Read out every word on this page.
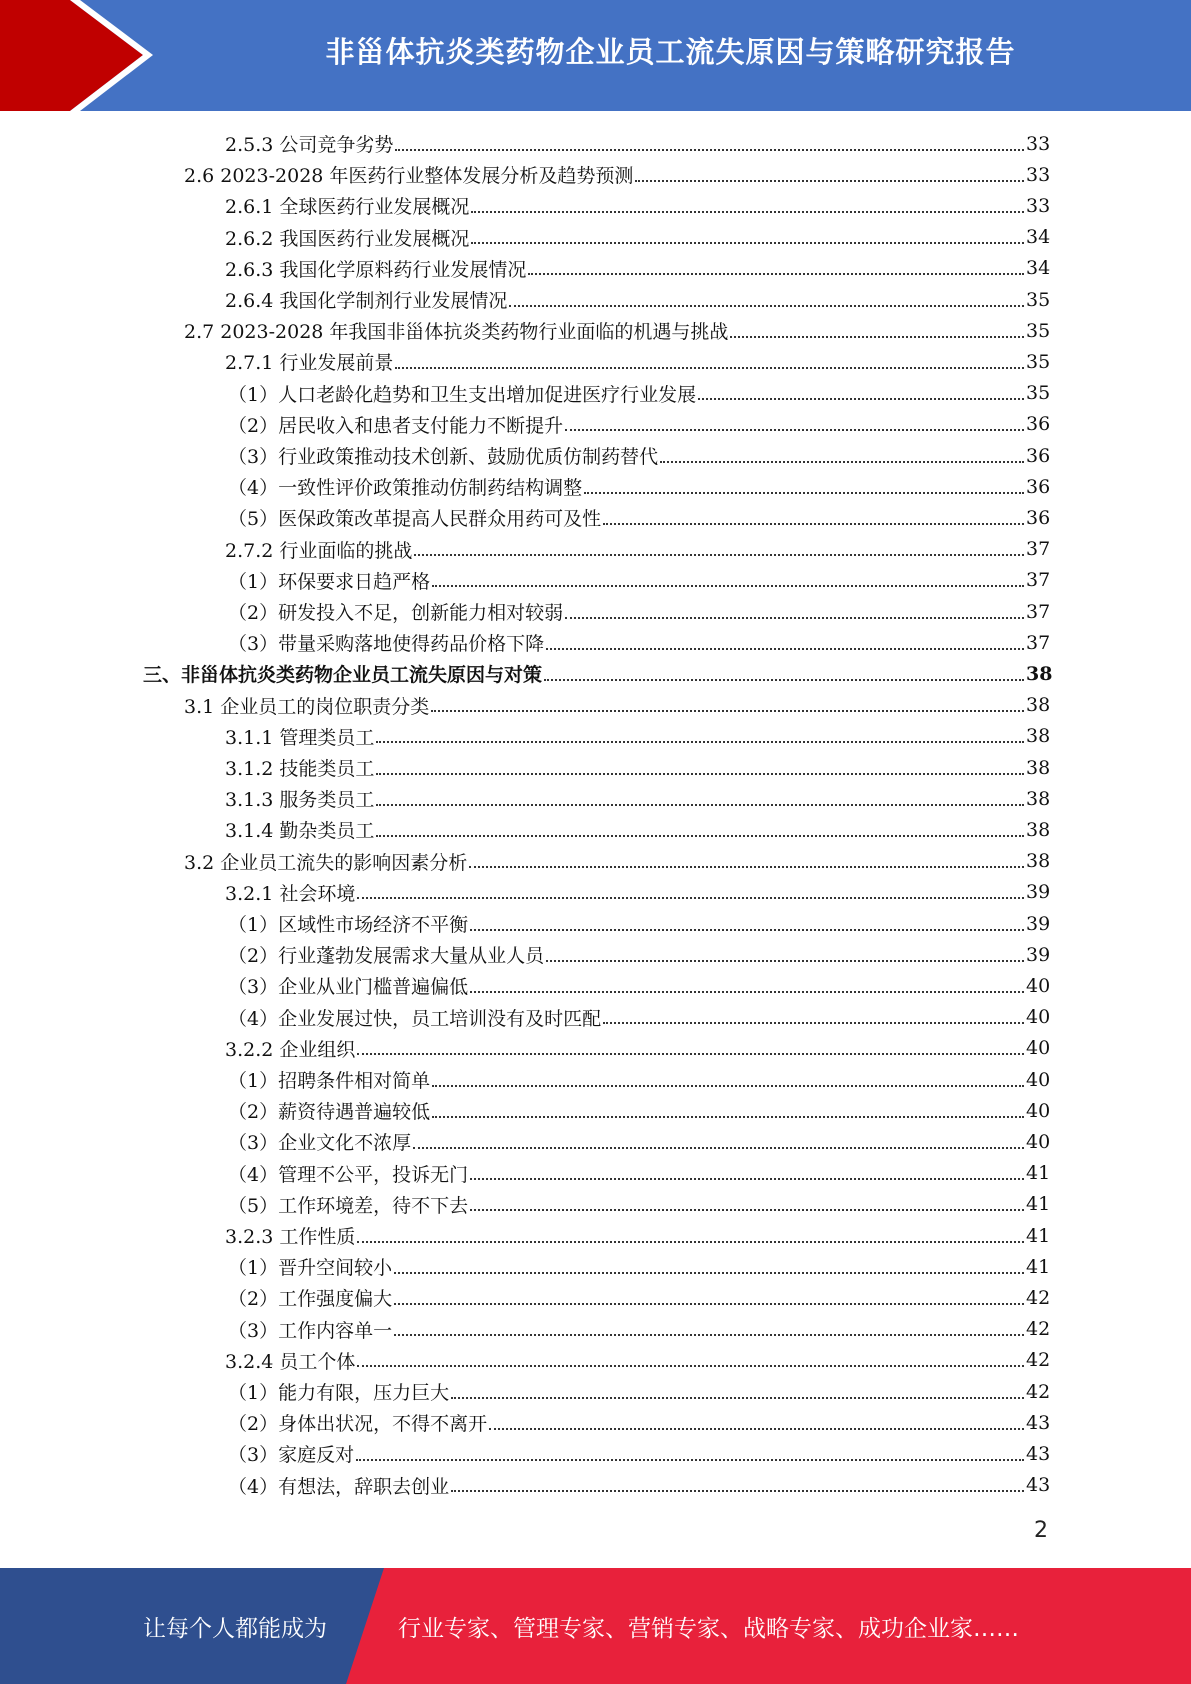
非甾体抗炎类药物企业员工流失原因与策略研究报告
2.5.3 公司竞争劣势	33
2.6 2023-2028 年医药行业整体发展分析及趋势预测	33
2.6.1 全球医药行业发展概况	33
2.6.2 我国医药行业发展概况	34
2.6.3 我国化学原料药行业发展情况	34
2.6.4 我国化学制剂行业发展情况	35
2.7 2023-2028 年我国非甾体抗炎类药物行业面临的机遇与挑战	35
2.7.1 行业发展前景	35
（1）人口老龄化趋势和卫生支出增加促进医疗行业发展	35
（2）居民收入和患者支付能力不断提升	36
（3）行业政策推动技术创新、鼓励优质仿制药替代	36
（4）一致性评价政策推动仿制药结构调整	36
（5）医保政策改革提高人民群众用药可及性	36
2.7.2 行业面临的挑战	37
（1）环保要求日趋严格	37
（2）研发投入不足，创新能力相对较弱	37
（3）带量采购落地使得药品价格下降	37
三、非甾体抗炎类药物企业员工流失原因与对策	38
3.1 企业员工的岗位职责分类	38
3.1.1 管理类员工	38
3.1.2 技能类员工	38
3.1.3 服务类员工	38
3.1.4 勤杂类员工	38
3.2 企业员工流失的影响因素分析	38
3.2.1 社会环境	39
（1）区域性市场经济不平衡	39
（2）行业蓬勃发展需求大量从业人员	39
（3）企业从业门槛普遍偏低	40
（4）企业发展过快，员工培训没有及时匹配	40
3.2.2 企业组织	40
（1）招聘条件相对简单	40
（2）薪资待遇普遍较低	40
（3）企业文化不浓厚	40
（4）管理不公平，投诉无门	41
（5）工作环境差，待不下去	41
3.2.3 工作性质	41
（1）晋升空间较小	41
（2）工作强度偏大	42
（3）工作内容单一	42
3.2.4 员工个体	42
（1）能力有限，压力巨大	42
（2）身体出状况，不得不离开	43
（3）家庭反对	43
（4）有想法，辞职去创业	43
2
让每个人都能成为	行业专家、管理专家、营销专家、战略专家、成功企业家……
